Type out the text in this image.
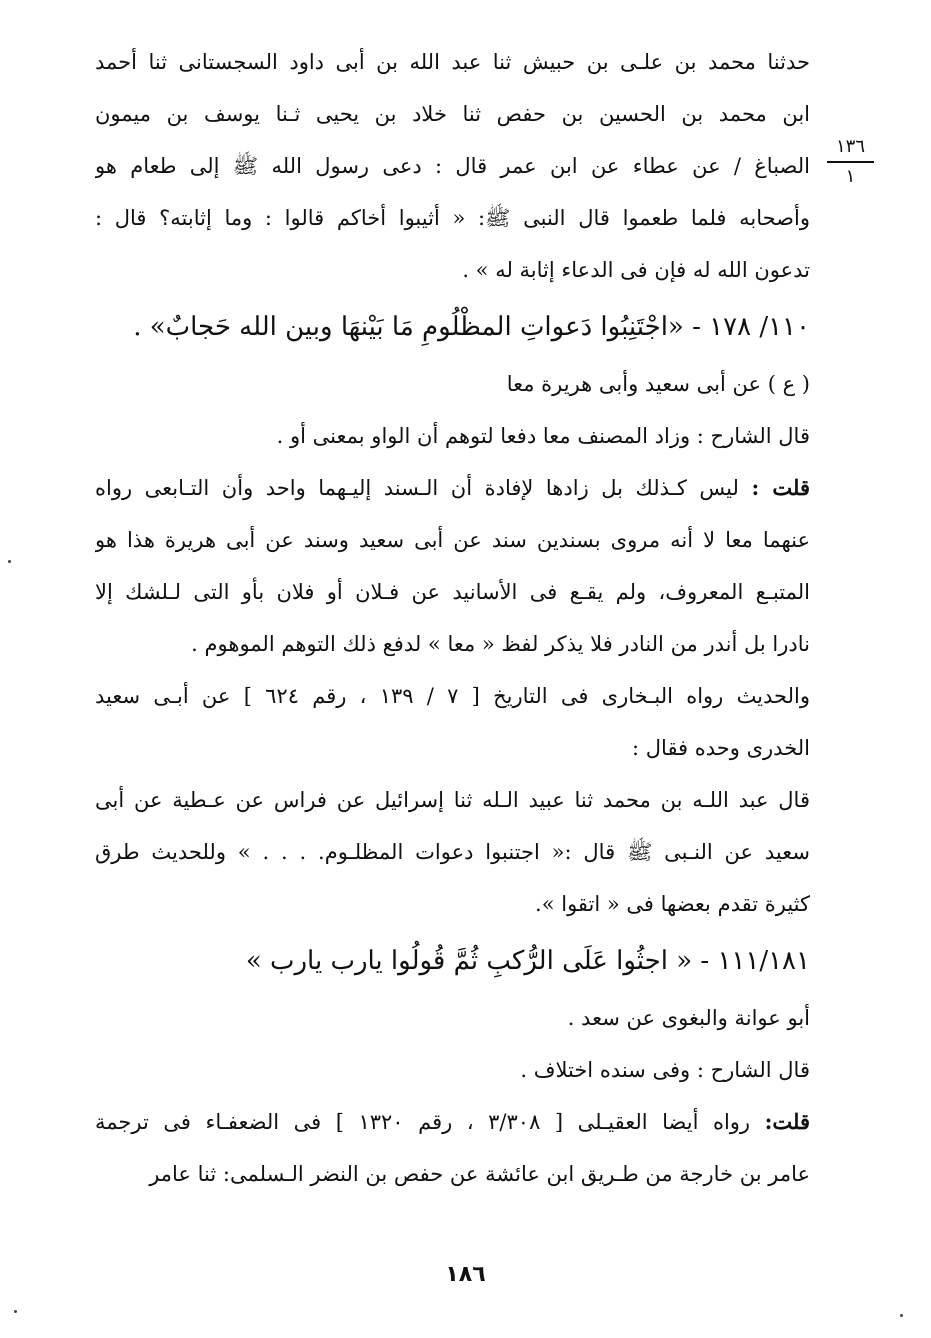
١٣٦
١
حدثنا محمد بن علـى بن حبيش ثنا عبد الله بن أبى داود السجستانى ثنا أحمد
ابن محمد بن الحسين بن حفص ثنا خلاد بن يحيى ثـنا يوسف بن ميمون
الصباغ / عن عطاء عن ابن عمر قال : دعى رسول الله ﷺ إلى طعام هو
وأصحابه فلما طعموا قال النبى ﷺ: « أثيبوا أخاكم قالوا : وما إثابته؟ قال :
تدعون الله له فإن فى الدعاء إثابة له » .
١١٠/ ١٧٨ - «اجْتَنِبُوا دَعواتِ المظْلُومِ مَا بَيْنهَا وبين الله حَجابٌ» .
( ع ) عن أبى سعيد وأبى هريرة معا
قال الشارح : وزاد المصنف معا دفعا لتوهم أن الواو بمعنى أو .
قلت : ليس كـذلك بل زادها لإفادة أن الـسند إليـهما واحد وأن التـابعى رواه
عنهما معا لا أنه مروى بسندين سند عن أبى سعيد وسند عن أبى هريرة هذا هو
المتبـع المعروف، ولم يقـع فى الأسانيد عن فـلان أو فلان بأو التى لـلشك إلا
نادرا بل أندر من النادر فلا يذكر لفظ « معا » لدفع ذلك التوهم الموهوم .
والحديث رواه البـخارى فى التاريخ [ ٧ / ١٣٩ ، رقم ٦٢٤ ] عن أبـى سعيد
الخدرى وحده فقال :
قال عبد اللـه بن محمد ثنا عبيد الـله ثنا إسرائيل عن فراس عن عـطية عن أبى
سعيد عن النـبى ﷺ قال :« اجتنبوا دعوات المظلـوم. . . . » وللحديث طرق
كثيرة تقدم بعضها فى « اتقوا ».
١١١/١٨١ - « اجثُوا عَلَى الرُّكبِ ثُمَّ قُولُوا يارب يارب »
أبو عوانة والبغوى عن سعد .
قال الشارح : وفى سنده اختلاف .
قلت: رواه أيضا العقيـلى [ ٣/٣٠٨ ، رقم ١٣٢٠ ] فى الضعفـاء فى ترجمة
عامر بن خارجة من طـريق ابن عائشة عن حفص بن النضر الـسلمى: ثنا عامر
١٨٦
